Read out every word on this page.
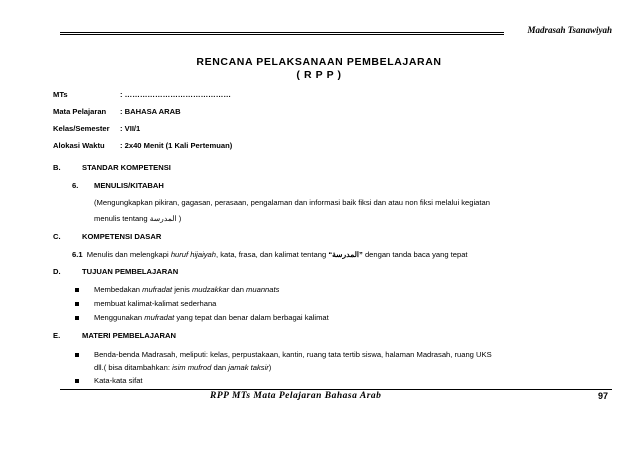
Madrasah Tsanawiyah
RENCANA PELAKSANAAN PEMBELAJARAN
( R P P )
MTs	: ……………………………………
Mata Pelajaran : BAHASA ARAB
Kelas/Semester : VII/1
Alokasi Waktu : 2x40 Menit (1 Kali Pertemuan)
B.	STANDAR KOMPETENSI
6. MENULIS/KITABAH
(Mengungkapkan pikiran, gagasan, perasaan, pengalaman dan informasi baik fiksi dan atau non fiksi melalui kegiatan
menulis tentang ﺍﻟﻤﺪﺭﺳﺔ )
C.	KOMPETENSI DASAR
6.1 Menulis dan melengkapi huruf hijaiyah, kata, frasa, dan kalimat tentang “ﺍﻟﻤﺪﺭﺳﺔ” dengan tanda baca yang tepat
D.	TUJUAN PEMBELAJARAN
Membedakan mufradat jenis mudzakkar dan muannats
membuat kalimat-kalimat sederhana
Menggunakan mufradat yang tepat dan benar dalam berbagai kalimat
E.	MATERI PEMBELAJARAN
Benda-benda Madrasah, meliputi: kelas, perpustakaan, kantin, ruang tata tertib siswa, halaman Madrasah, ruang UKS
dll.( bisa ditambahkan: isim mufrod dan jamak taksir)
Kata-kata sifat
RPP MTs Mata Pelajaran Bahasa Arab	97
